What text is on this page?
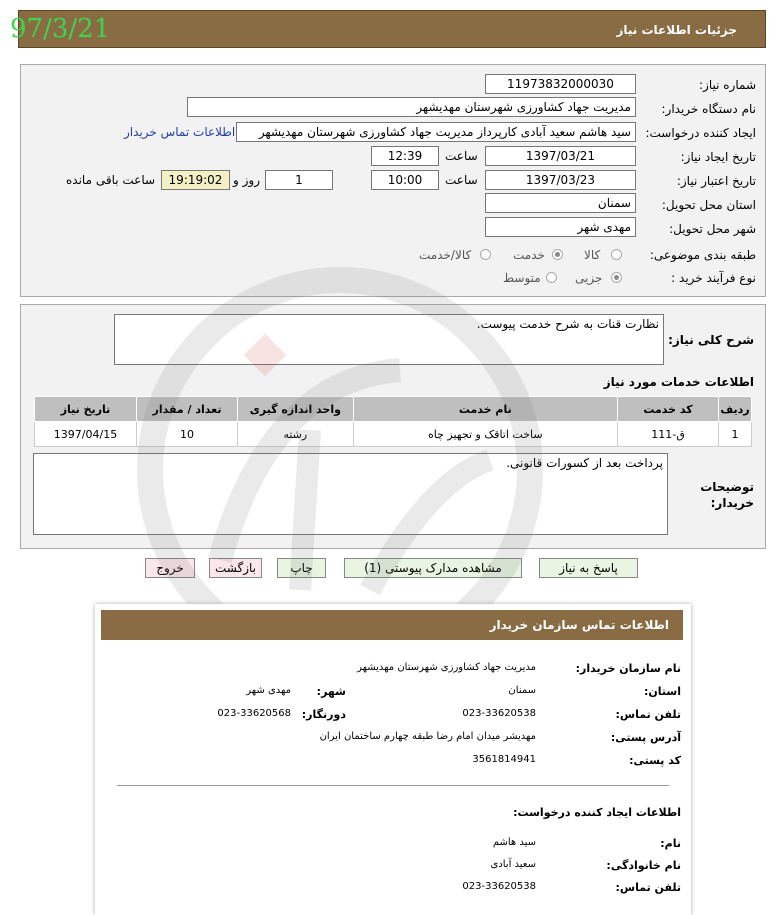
جزئیات اطلاعات نیاز
97/3/21
شماره نیاز:
11973832000030
نام دستگاه خریدار:
مدیریت جهاد کشاورزی شهرستان مهدیشهر
ایجاد کننده درخواست:
سید هاشم سعید آبادی کارپرداز مدیریت جهاد کشاورزی شهرستان مهدیشهر
اطلاعات تماس خریدار
تاریخ ایجاد نیاز:
1397/03/21
ساعت
12:39
تاریخ اعتبار نیاز:
1397/03/23
ساعت
10:00
1
روز و
19:19:02
ساعت باقی مانده
استان محل تحویل:
سمنان
شهر محل تحویل:
مهدی شهر
طبقه بندی موضوعی:
کالا
خدمت
کالا/خدمت
نوع فرآیند خرید :
جزیی
متوسط
شرح کلی نیاز:
نظارت قنات به شرح خدمت پیوست.
اطلاعات خدمات مورد نیاز
ردیف	کد خدمت	نام خدمت	واحد اندازه گیری	تعداد / مقدار	تاریخ نیاز
1	ق-111	ساخت اتاقک و تجهیز چاه	رشته	10	1397/04/15
توضیحات خریدار:
پرداخت بعد از کسورات قانونی.
پاسخ به نیاز
مشاهده مدارک پیوستی (1)
چاپ
بازگشت
خروج
اطلاعات تماس سازمان خریدار
نام سازمان خریدار:
مدیریت جهاد کشاورزی شهرستان مهدیشهر
استان:
سمنان
شهر:
مهدی شهر
تلفن تماس:
023-33620538
دورنگار:
023-33620568
آدرس پستی:
مهدیشر میدان امام رضا طبقه چهارم ساختمان ایران
کد پستی:
3561814941
اطلاعات ایجاد کننده درخواست:
نام:
سید هاشم
نام خانوادگی:
سعید آبادی
تلفن تماس:
023-33620538
